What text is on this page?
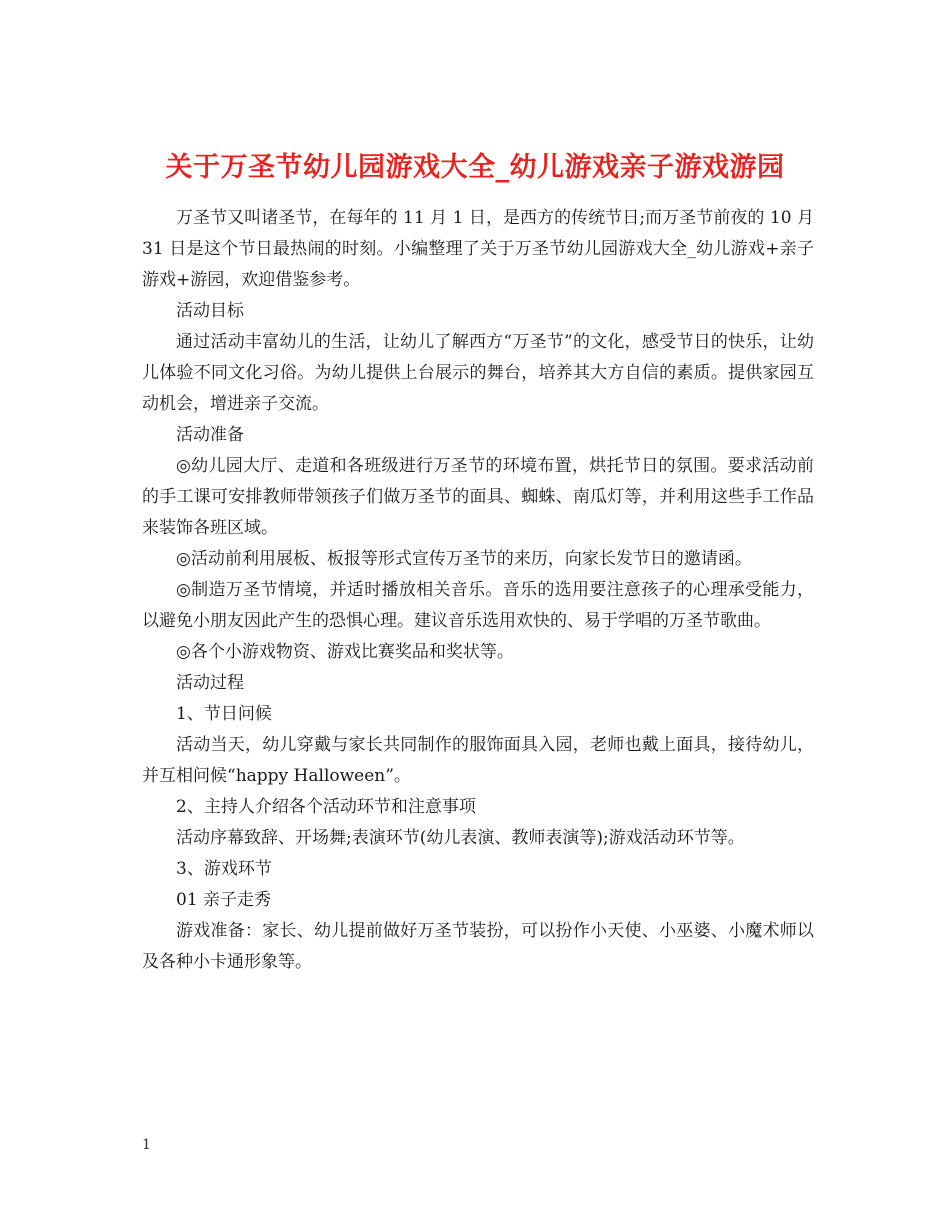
关于万圣节幼儿园游戏大全_幼儿游戏亲子游戏游园

万圣节又叫诸圣节，在每年的 11 月 1 日，是西方的传统节日;而万圣节前夜的 10 月 31 日是这个节日最热闹的时刻。小编整理了关于万圣节幼儿园游戏大全_幼儿游戏+亲子游戏+游园，欢迎借鉴参考。

活动目标

通过活动丰富幼儿的生活，让幼儿了解西方“万圣节”的文化，感受节日的快乐，让幼儿体验不同文化习俗。为幼儿提供上台展示的舞台，培养其大方自信的素质。提供家园互动机会，增进亲子交流。

活动准备

◎幼儿园大厅、走道和各班级进行万圣节的环境布置，烘托节日的氛围。要求活动前的手工课可安排教师带领孩子们做万圣节的面具、蜘蛛、南瓜灯等，并利用这些手工作品来装饰各班区域。

◎活动前利用展板、板报等形式宣传万圣节的来历，向家长发节日的邀请函。

◎制造万圣节情境，并适时播放相关音乐。音乐的选用要注意孩子的心理承受能力，以避免小朋友因此产生的恐惧心理。建议音乐选用欢快的、易于学唱的万圣节歌曲。

◎各个小游戏物资、游戏比赛奖品和奖状等。

活动过程

1、节日问候

活动当天，幼儿穿戴与家长共同制作的服饰面具入园，老师也戴上面具，接待幼儿，并互相问候“happy Halloween”。

2、主持人介绍各个活动环节和注意事项

活动序幕致辞、开场舞;表演环节(幼儿表演、教师表演等);游戏活动环节等。

3、游戏环节

01 亲子走秀

游戏准备：家长、幼儿提前做好万圣节装扮，可以扮作小天使、小巫婆、小魔术师以及各种小卡通形象等。

1
